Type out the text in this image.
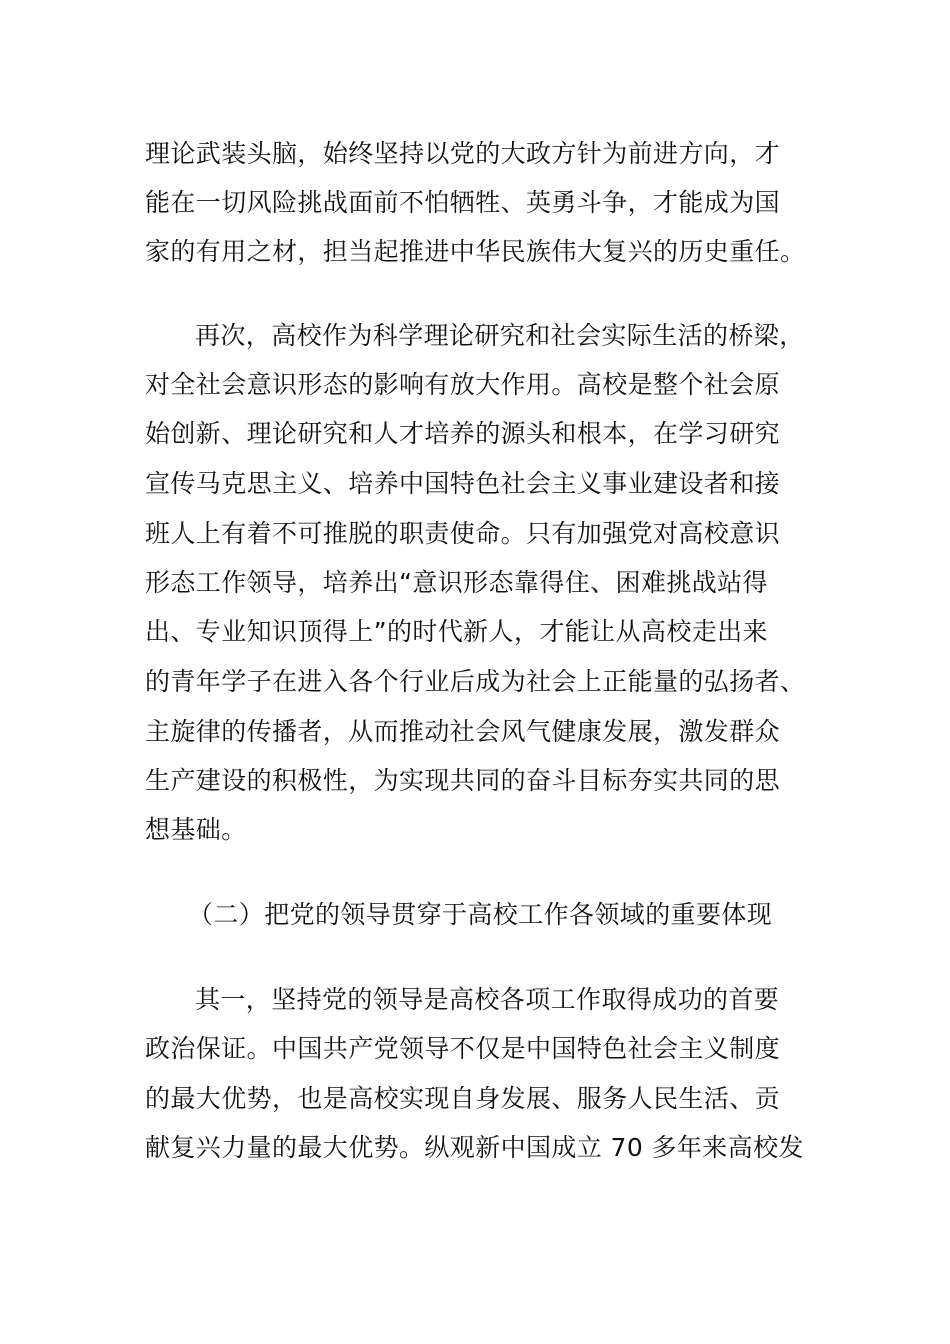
理论武装头脑，始终坚持以党的大政方针为前进方向，才
能在一切风险挑战面前不怕牺牲、英勇斗争，才能成为国
家的有用之材，担当起推进中华民族伟大复兴的历史重任。
再次，高校作为科学理论研究和社会实际生活的桥梁，
对全社会意识形态的影响有放大作用。高校是整个社会原
始创新、理论研究和人才培养的源头和根本，在学习研究
宣传马克思主义、培养中国特色社会主义事业建设者和接
班人上有着不可推脱的职责使命。只有加强党对高校意识
形态工作领导，培养出“意识形态靠得住、困难挑战站得
出、专业知识顶得上”的时代新人，才能让从高校走出来
的青年学子在进入各个行业后成为社会上正能量的弘扬者、
主旋律的传播者，从而推动社会风气健康发展，激发群众
生产建设的积极性，为实现共同的奋斗目标夯实共同的思
想基础。
（二）把党的领导贯穿于高校工作各领域的重要体现
其一，坚持党的领导是高校各项工作取得成功的首要
政治保证。中国共产党领导不仅是中国特色社会主义制度
的最大优势，也是高校实现自身发展、服务人民生活、贡
献复兴力量的最大优势。纵观新中国成立 70 多年来高校发
